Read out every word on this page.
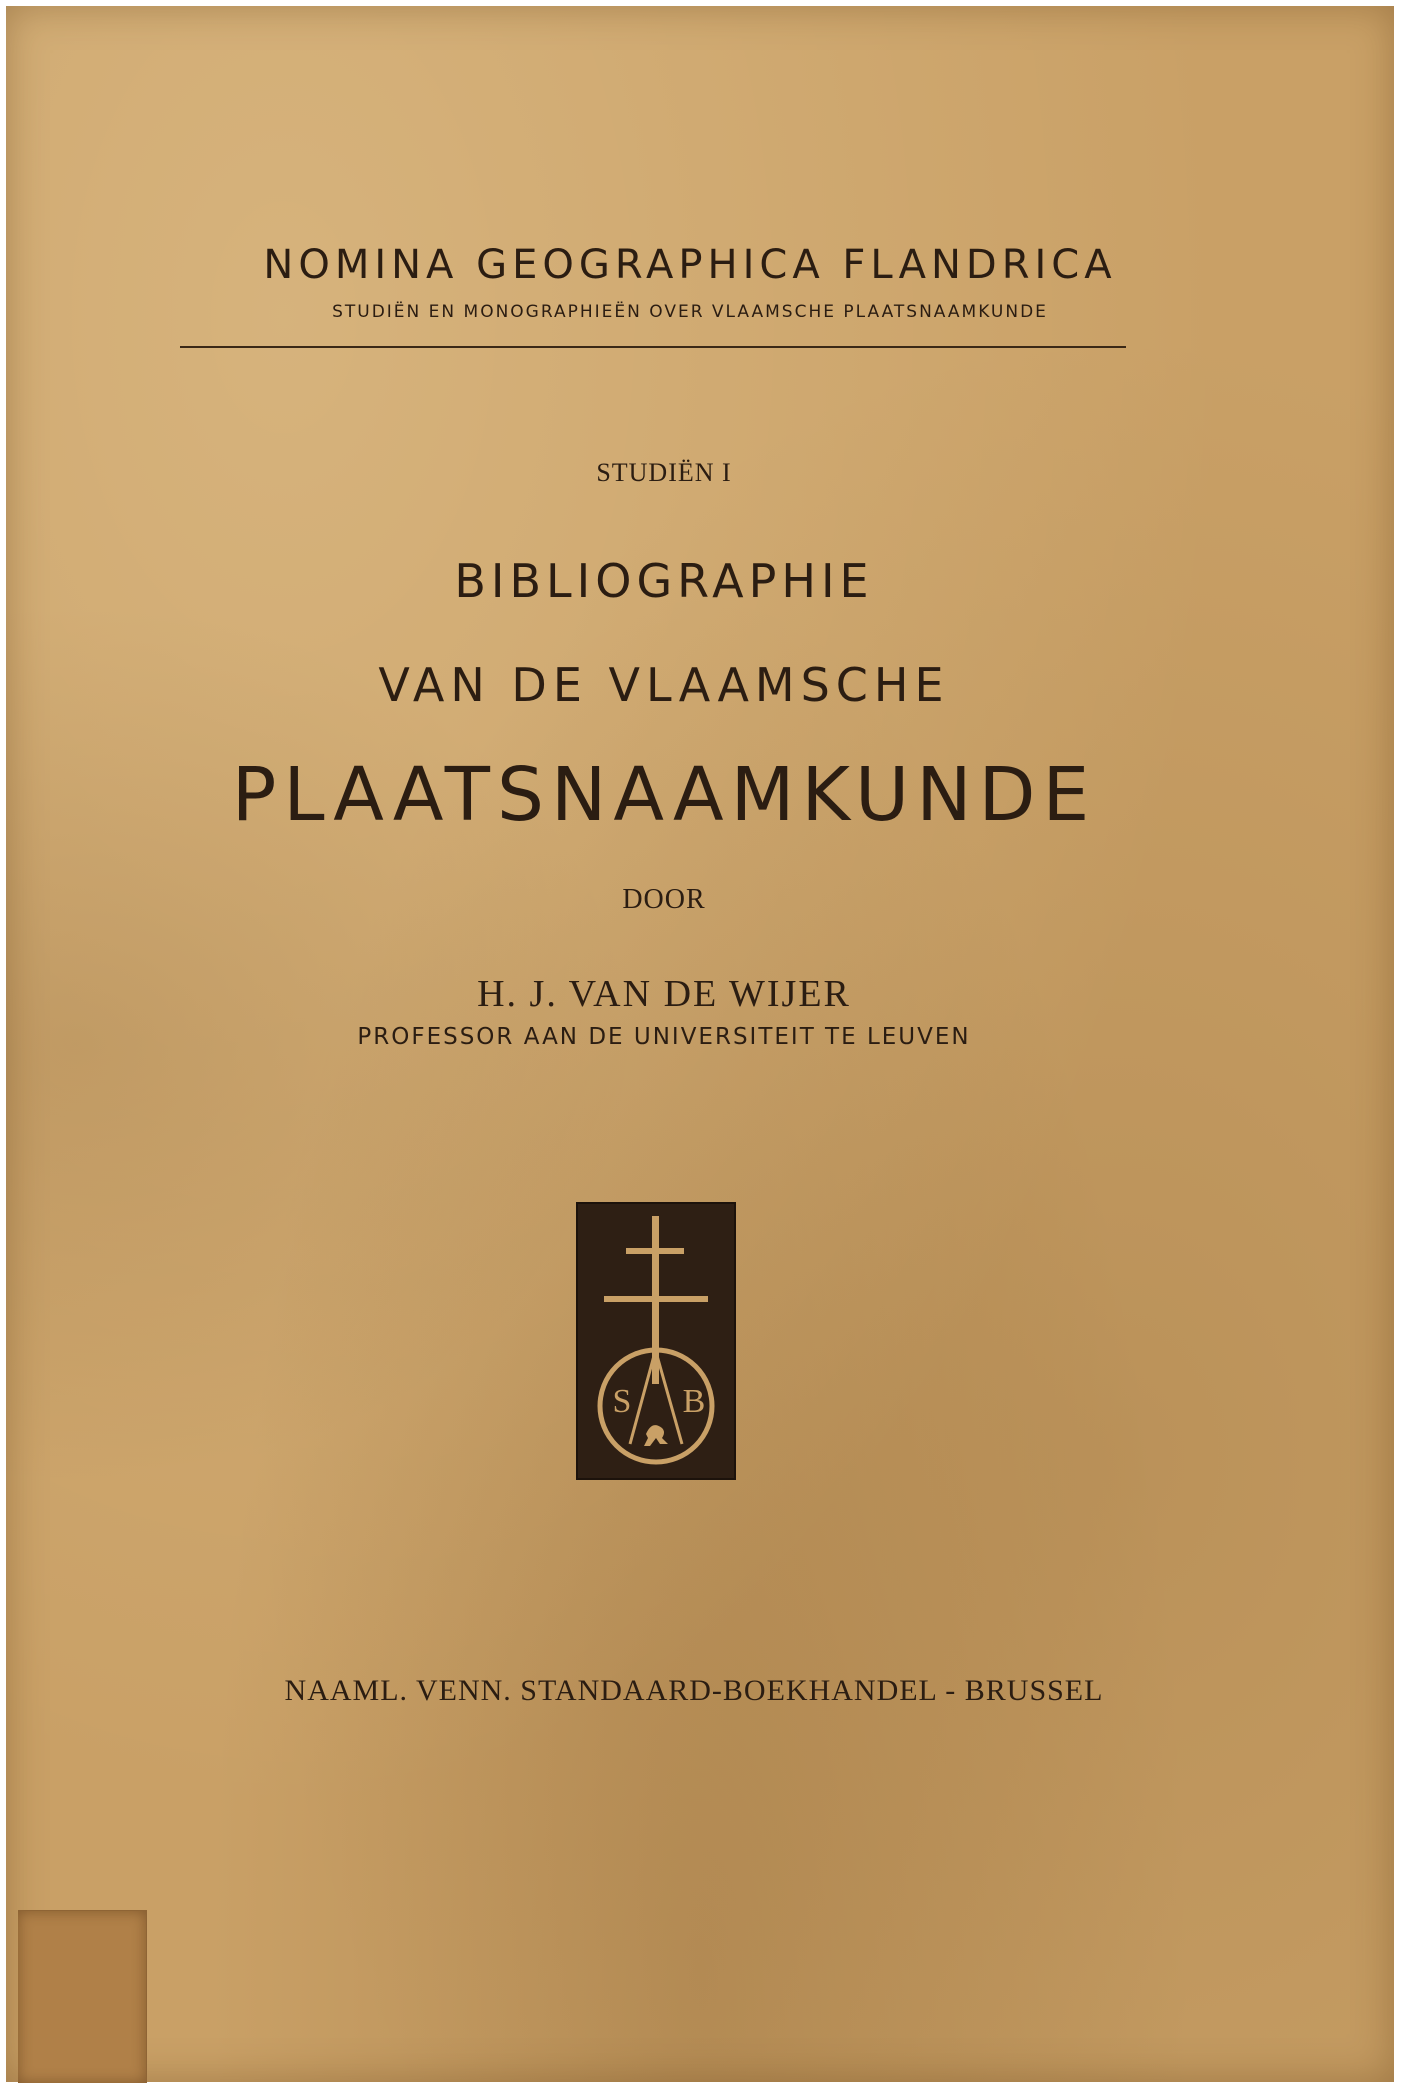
NOMINA GEOGRAPHICA FLANDRICA
STUDIËN EN MONOGRAPHIEËN OVER VLAAMSCHE PLAATSNAAMKUNDE
STUDIËN I
BIBLIOGRAPHIE
VAN DE VLAAMSCHE
PLAATSNAAMKUNDE
DOOR
H. J. VAN DE WIJER
PROFESSOR AAN DE UNIVERSITEIT TE LEUVEN
S B
NAAML. VENN. STANDAARD-BOEKHANDEL - BRUSSEL
